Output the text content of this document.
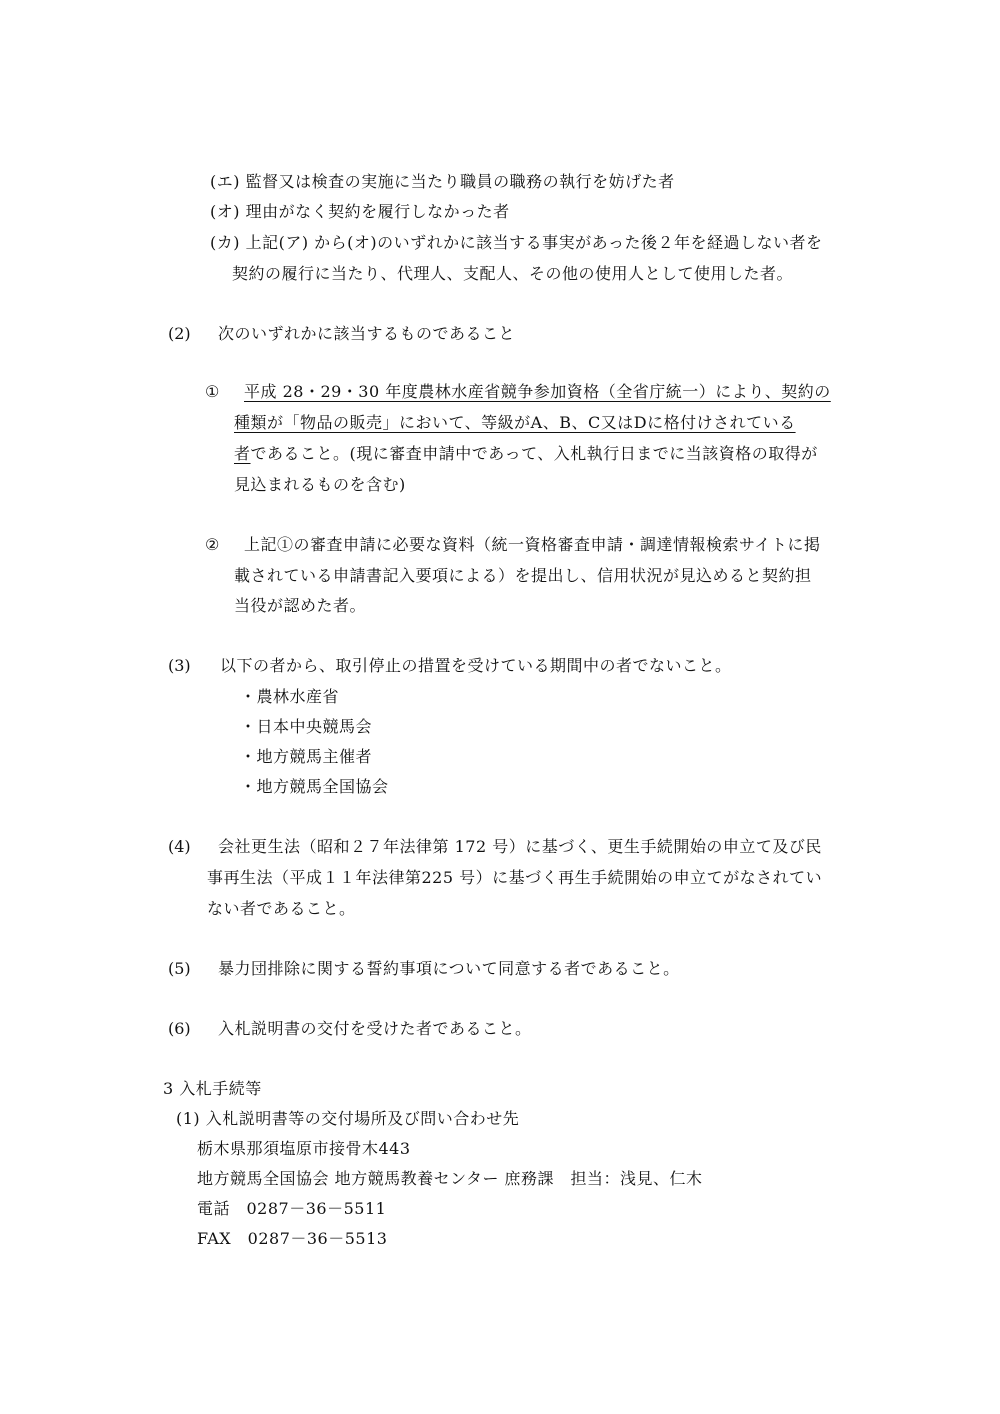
(エ) 監督又は検査の実施に当たり職員の職務の執行を妨げた者
(オ) 理由がなく契約を履行しなかった者
(カ) 上記(ア) から(オ)のいずれかに該当する事実があった後２年を経過しない者を
契約の履行に当たり、代理人、支配人、その他の使用人として使用した者。
(2) 次のいずれかに該当するものであること
① 平成 28・29・30 年度農林水産省競争参加資格（全省庁統一）により、契約の
種類が「物品の販売」において、等級がA、B、C又はDに格付けされている
者であること。(現に審査申請中であって、入札執行日までに当該資格の取得が
見込まれるものを含む)
② 上記①の審査申請に必要な資料（統一資格審査申請・調達情報検索サイトに掲
載されている申請書記入要項による）を提出し、信用状況が見込めると契約担
当役が認めた者。
(3) 以下の者から、取引停止の措置を受けている期間中の者でないこと。
・農林水産省
・日本中央競馬会
・地方競馬主催者
・地方競馬全国協会
(4) 会社更生法（昭和２７年法律第 172 号）に基づく、更生手続開始の申立て及び民
事再生法（平成１１年法律第225 号）に基づく再生手続開始の申立てがなされてい
ない者であること。
(5) 暴力団排除に関する誓約事項について同意する者であること。
(6) 入札説明書の交付を受けた者であること。
3 入札手続等
(1) 入札説明書等の交付場所及び問い合わせ先
栃木県那須塩原市接骨木443
地方競馬全国協会 地方競馬教養センター 庶務課　担当：浅見、仁木
電話　0287－36－5511
FAX　0287－36－5513
